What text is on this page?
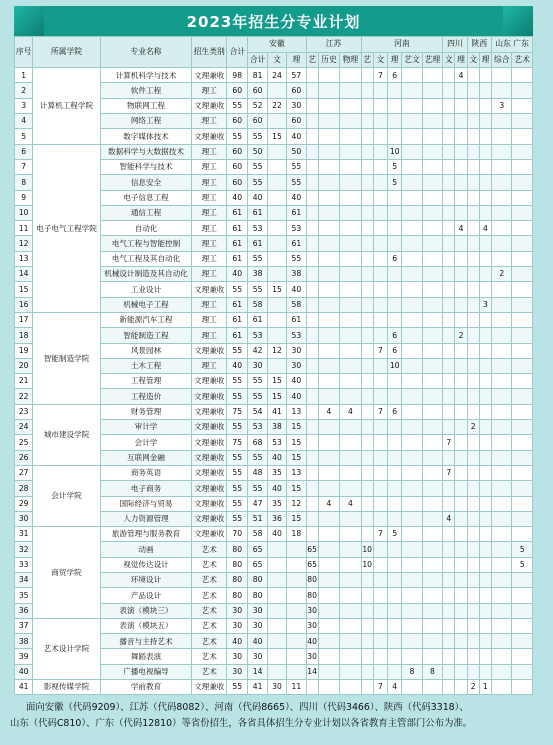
2023年招生分专业计划
序号	所属学院	专业名称	招生类别	合计	安徽			江苏			河南					四川		陕西		山东 广东	
					合计	文	理	艺	历史	物理	艺	文	理	艺文	艺理	文	理	文	理	综合	艺术
1	计算机工程学院	计算机科学与技术	文理兼收	98	81	24	57					7	6				4				
2		软件工程	理工	60	60		60														
3		物联网工程	文理兼收	55	52	22	30													3	
4		网络工程	理工	60	60		60														
5		数字媒体技术	文理兼收	55	55	15	40														
6	电子电气工程学院	数据科学与大数据技术	理工	60	50		50						10								
7		智能科学与技术	理工	60	55		55						5								
8		信息安全	理工	60	55		55						5								
9		电子信息工程	理工	40	40		40														
10		通信工程	理工	61	61		61														
11		自动化	理工	61	53		53										4		4		
12		电气工程与智能控制	理工	61	61		61														
13		电气工程及其自动化	理工	61	55		55						6								
14		机械设计制造及其自动化	理工	40	38		38													2	
15		工业设计	文理兼收	55	55	15	40														
16		机械电子工程	理工	61	58		58												3		
17	智能制造学院	新能源汽车工程	理工	61	61		61														
18		智能制造工程	理工	61	53		53						6				2				
19		风景园林	文理兼收	55	42	12	30					7	6								
20		土木工程	理工	40	30		30						10								
21		工程管理	文理兼收	55	55	15	40														
22		工程造价	文理兼收	55	55	15	40														
23	城市建设学院	财务管理	文理兼收	75	54	41	13		4	4		7	6								
24		审计学	文理兼收	55	53	38	15											2			
25		会计学	文理兼收	75	68	53	15									7					
26		互联网金融	文理兼收	55	55	40	15														
27	会计学院	商务英语	文理兼收	55	48	35	13									7					
28		电子商务	文理兼收	55	55	40	15														
29		国际经济与贸易	文理兼收	55	47	35	12		4	4											
30		人力资源管理	文理兼收	55	51	36	15									4					
31	商贸学院	旅游管理与服务教育	文理兼收	70	58	40	18					7	5								
32		动画	艺术	80	65			65			10										5
33		视觉传达设计	艺术	80	65			65			10										5
34		环境设计	艺术	80	80			80													
35		产品设计	艺术	80	80			80													
36		表演（模块三）	艺术	30	30			30													
37	艺术设计学院	表演（模块五）	艺术	30	30			30													
38		播音与主持艺术	艺术	40	40			40													
39		舞蹈表演	艺术	30	30			30													
40		广播电视编导	艺术	30	14			14						8	8						
41	影视传媒学院	学前教育	文理兼收	55	41	30	11					7	4					2	1		
面向安徽（代码9209）、江苏（代码8082）、河南（代码8665）、四川（代码3466）、陕西（代码3318）、
山东（代码C810）、广东（代码12810）等省份招生，各省具体招生分专业计划以各省教育主管部门公布为准。
